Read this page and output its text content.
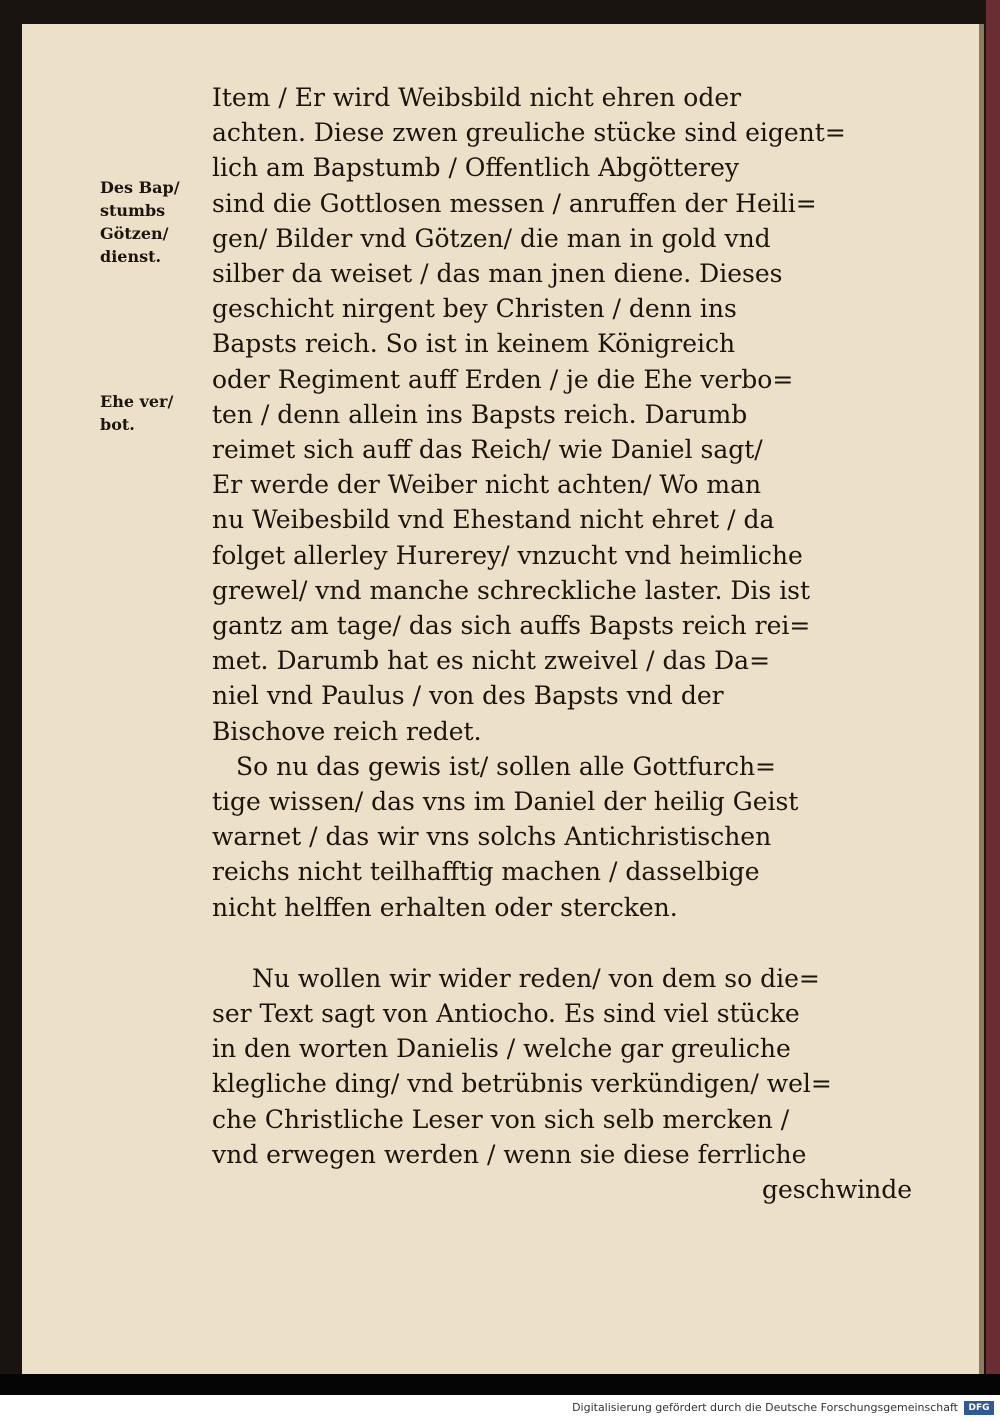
Des Bap/ stumbs Götzen/ dienst.
Ehe ver/ bot.
Item / Er wird Weibsbild nicht ehren oder
achten. Diese zwen greuliche stücke sind eigent=
lich am Bapstumb / Offentlich Abgötterey
sind die Gottlosen messen / anruffen der Heili=
gen/ Bilder vnd Götzen/ die man in gold vnd
silber da weiset / das man jnen diene. Dieses
geschicht nirgent bey Christen / denn ins
Bapsts reich. So ist in keinem Königreich
oder Regiment auff Erden / je die Ehe verbo=
ten / denn allein ins Bapsts reich. Darumb
reimet sich auff das Reich/ wie Daniel sagt/
Er werde der Weiber nicht achten/ Wo man
nu Weibesbild vnd Ehestand nicht ehret / da
folget allerley Hurerey/ vnzucht vnd heimliche
grewel/ vnd manche schreckliche laster. Dis ist
gantz am tage/ das sich auffs Bapsts reich rei=
met. Darumb hat es nicht zweivel / das Da=
niel vnd Paulus / von des Bapsts vnd der
Bischove reich redet.
So nu das gewis ist/ sollen alle Gottfurch=
tige wissen/ das vns im Daniel der heilig Geist
warnet / das wir vns solchs Antichristischen
reichs nicht teilhafftig machen / dasselbige
nicht helffen erhalten oder stercken.
Nu wollen wir wider reden/ von dem so die=
ser Text sagt von Antiocho. Es sind viel stücke
in den worten Danielis / welche gar greuliche
klegliche ding/ vnd betrübnis verkündigen/ wel=
che Christliche Leser von sich selb mercken /
vnd erwegen werden / wenn sie diese ferrliche
geschwinde
Digitalisierung gefördert durch die Deutsche Forschungsgemeinschaft	DFG
